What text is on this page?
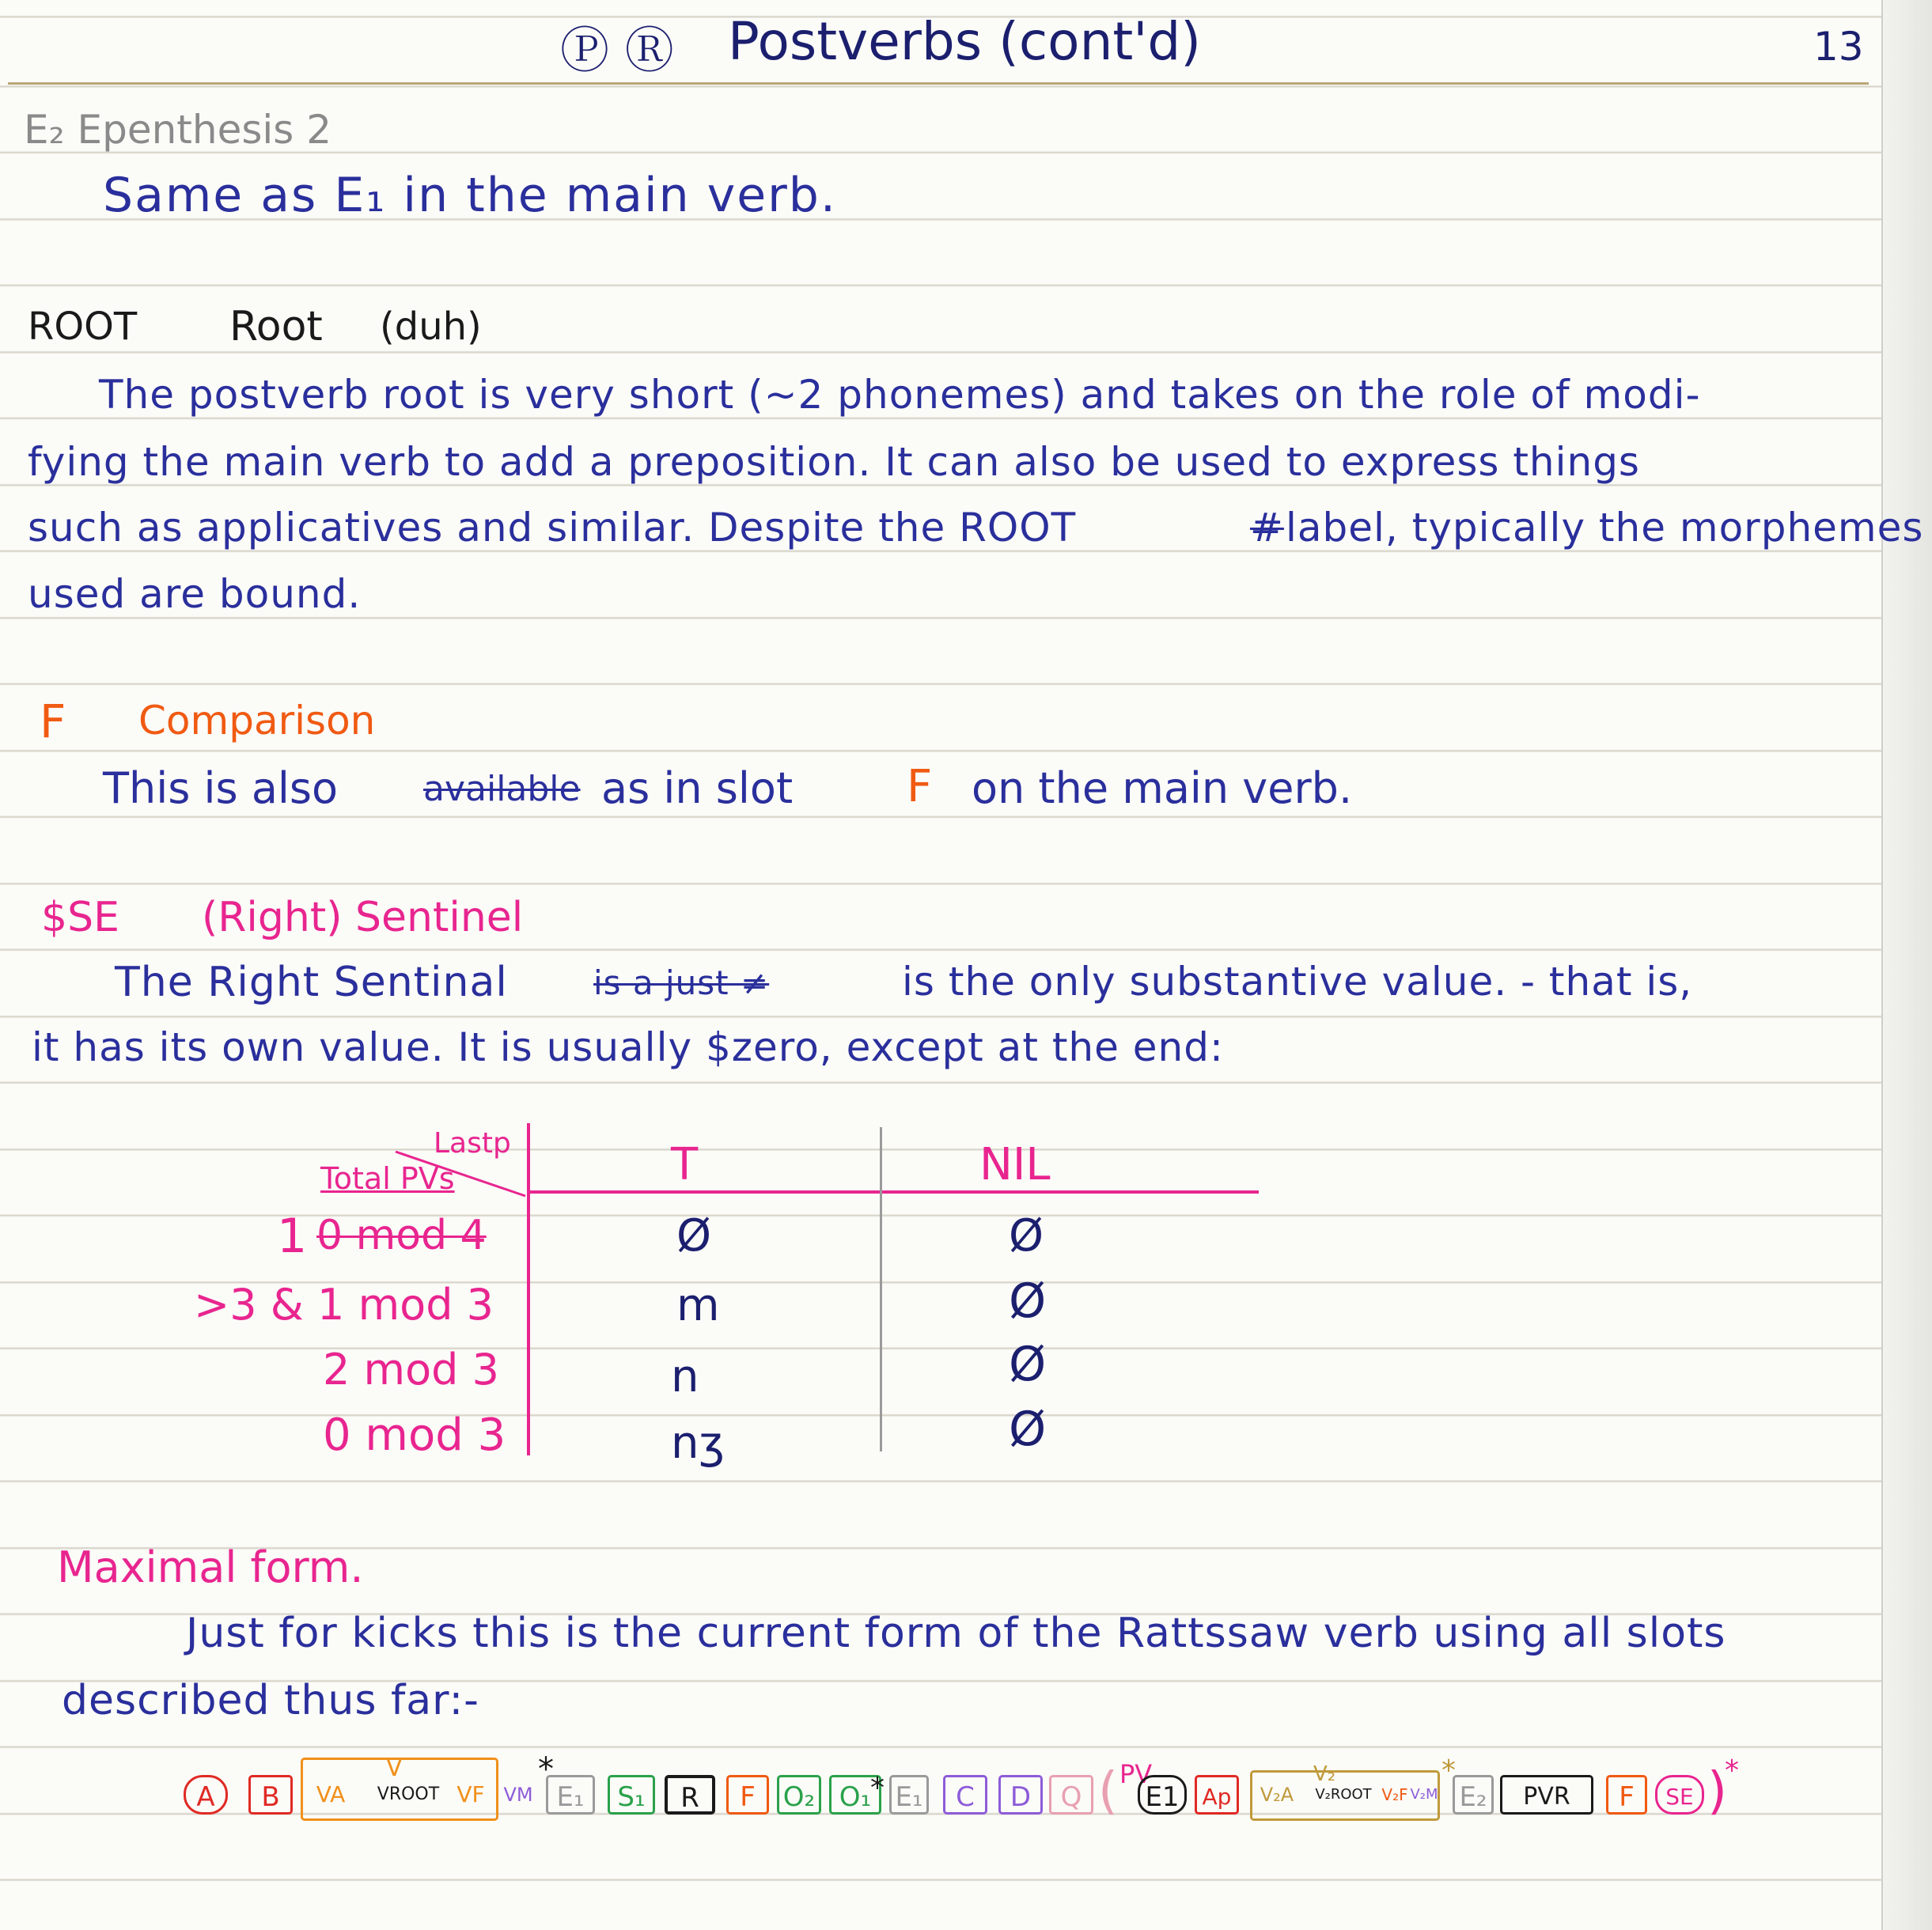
Ⓟ Ⓡ Postverbs (cont'd)	13
E₂ Epenthesis 2
Same as E₁ in the main verb.
ROOT Root (duh)
The postverb root is very short (~2 phonemes) and takes on the role of modi-
fying the main verb to add a preposition. It can also be used to express things
such as applicatives and similar. Despite the ROOT	# label, typically the morphemes
used are bound.
F Comparison
This is also available as in slot	F on the main verb.
$SE (Right) Sentinel
The Right Sentinal	is a just ≠	is the only substantive value. - that is,
it has its own value. It is usually $zero, except at the end:
Lastp
Total PVs	T	NIL
1 0 mod 4	Ø	Ø
>3 & 1 mod 3	m	Ø
2 mod 3	n	Ø
0 mod 3	nʒ	Ø
Maximal form.
Just for kicks this is the current form of the Rattssaw verb using all slots
described thus far:-
A	B
V
VA	VROOT VF VM
*
E₁	S₁	R	F	O₂ O₁
* E₁	C	D	Q ( PV
E1	Ap
V₂
V₂A	V₂ROOT V₂F V₂M
*
E₂	PVR	F	SE )
*
